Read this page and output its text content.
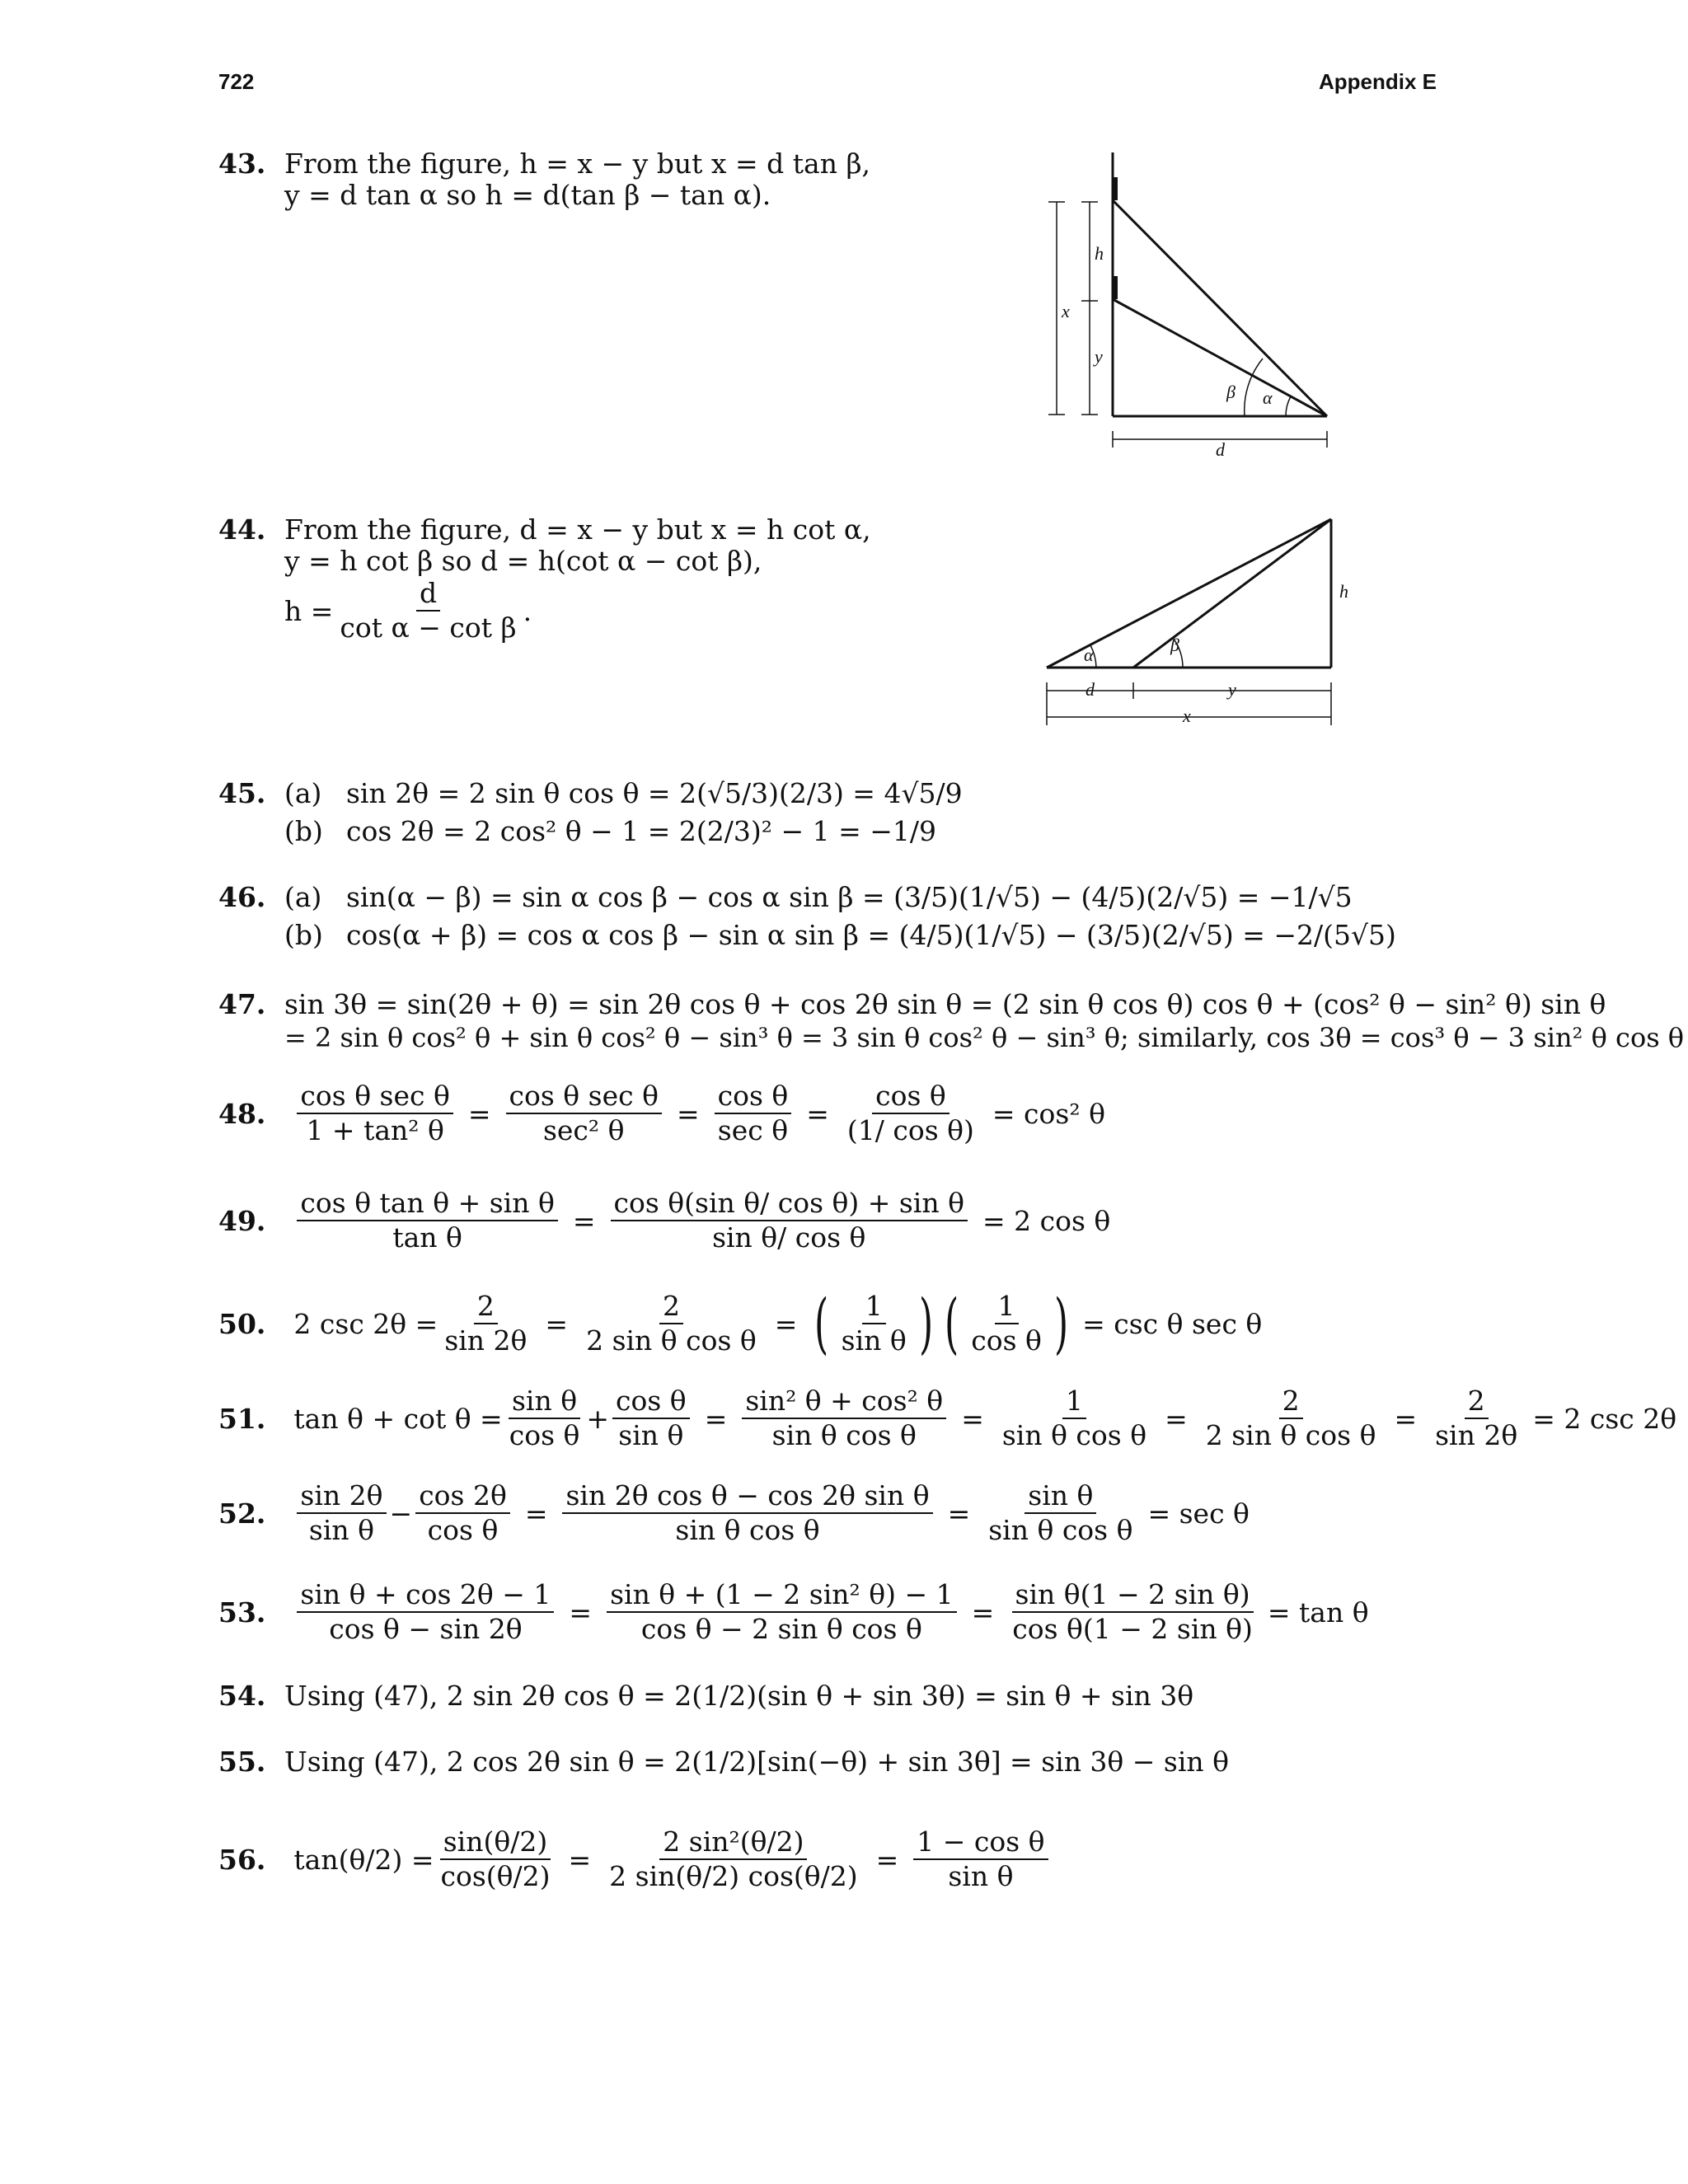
722	Appendix E
43. From the figure, h = x − y but x = d tan β,
y = d tan α so h = d(tan β − tan α).
h
x
y
β α
d
44. From the figure, d = x − y but x = h cot α,
y = h cot β so d = h(cot α − cot β),
$h = \frac{d}{\text{cot α − cot β}}$ .
α	β
h
d	y
x
45. (a) sin 2θ = 2 sin θ cos θ = 2(√5/3)(2/3) = 4√5/9
(b) cos 2θ = 2 cos² θ − 1 = 2(2/3)² − 1 = −1/9
46. (a) sin(α − β) = sin α cos β − cos α sin β = (3/5)(1/√5) − (4/5)(2/√5) = −1/√5
(b) cos(α + β) = cos α cos β − sin α sin β = (4/5)(1/√5) − (3/5)(2/√5) = −2/(5√5)
47. sin 3θ = sin(2θ + θ) = sin 2θ cos θ + cos 2θ sin θ = (2 sin θ cos θ) cos θ + (cos² θ − sin² θ) sin θ
= 2 sin θ cos² θ + sin θ cos² θ − sin³ θ = 3 sin θ cos² θ − sin³ θ; similarly, cos 3θ = cos³ θ − 3 sin² θ cos θ
48.
cos θ sec θ
1 + tan² θ
=
cos θ sec θ
sec² θ
=
cos θ
sec θ
= $\frac{\text{cos θ}}{\text{(1/ cos θ)}} = \cos^2$ θ
49. $\frac{\text{cos θ tan θ + sin θ}}{\text{tan θ}} = \frac{\text{cos θ(sin θ/ cos θ) + sin θ}}{\text{sin θ/ cos θ}} = 2$ cos θ
50. 2 $\csc 2\theta = \frac{2}{\sin 2\theta} = \frac{2}{\text{2 sin θ cos θ}}$ = ( 1
sin θ ) ( 1
cos θ ) = csc θ sec θ
51. $\tan \theta + \cot \theta = \frac{\text{sin θ}}{\text{cos θ}} + \frac{\text{cos θ}}{\text{sin θ}} = \frac{\text{sin² θ + cos² θ}}{\text{sin θ cos θ}} = \frac{1}{\text{sin θ cos θ}} = \frac{2}{\text{2 sin θ cos θ}} = \frac{2}{\sin 2\theta} = 2$ csc 2θ
52.
sin 2θ
sin θ
− $\frac{\cos 2\theta}{\text{cos θ}} = \frac{\text{sin 2θ cos θ − cos 2θ sin θ}}{\text{sin θ cos θ}} = \frac{\text{sin θ}}{\text{sin θ cos θ}} = \sec \theta$
53. $\frac{\text{sin θ + cos 2θ − 1}}{\text{cos θ − sin 2θ}} = \frac{\text{sin θ + (1 − 2 sin² θ) − 1}}{\text{cos θ − 2 sin θ cos θ}} = \frac{\text{sin θ(1 − 2 sin θ)}}{\text{cos θ(1 − 2 sin θ)}} = \tan \theta$
54. Using (47), 2 sin 2θ cos θ = 2(1/2)(sin θ + sin 3θ) = sin θ + sin 3θ
55. Using (47), 2 cos 2θ sin θ = 2(1/2)[sin(−θ) + sin 3θ] = sin 3θ − sin θ
56. $\tan(\theta/2) = \frac{\sin(\theta/2)}{\cos(\theta/2)} = \frac{\text{2 sin²(θ/2)}}{2 \sin(\theta/2) \cos(\theta/2)} = \frac{\text{1 − cos θ}}{\text{sin θ}}$
